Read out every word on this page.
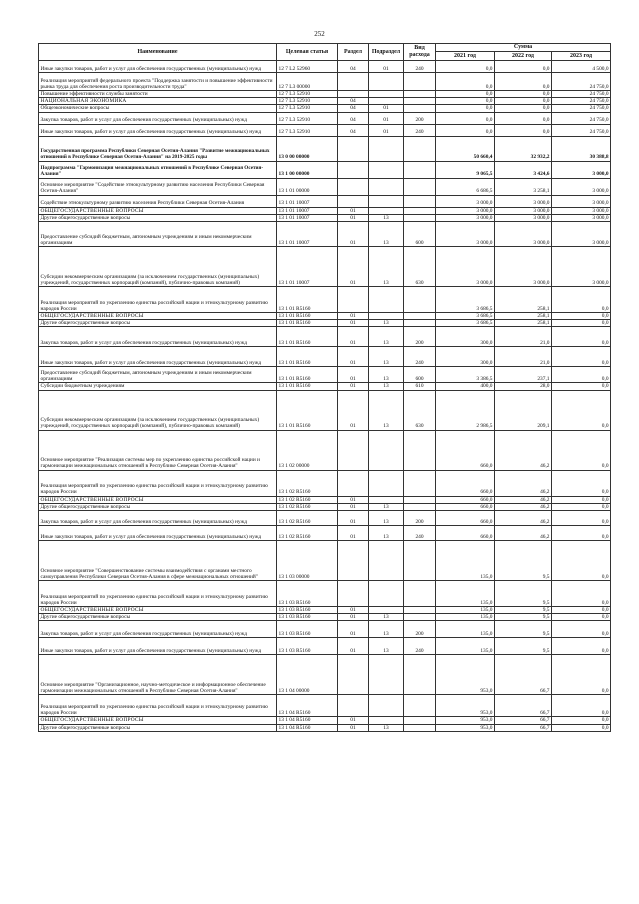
252
Наименование	Целевая статья	Раздел	Подраздел	Вид расхода	Сумма		
					2021 год	2022 год	2023 год
Иные закупки товаров, работ и услуг для обеспечения государственных (муниципальных) нужд	12 7 L2 52960	04	01	240	0,0	0,0	4 500,0
Реализация мероприятий федерального проекта "Поддержка занятости и повышение эффективности рынка труда для обеспечения роста производительности труда"	12 7 L3 00000				0,0	0,0	24 750,0
Повышение эффективности службы занятости	12 7 L3 52910				0,0	0,0	24 750,0
НАЦИОНАЛЬНАЯ ЭКОНОМИКА	12 7 L3 52910	04			0,0	0,0	24 750,0
Общеэкономические вопросы	12 7 L3 52910	04	01		0,0	0,0	24 750,0
Закупка товаров, работ и услуг для обеспечения государственных (муниципальных) нужд	12 7 L3 52910	04	01	200	0,0	0,0	24 750,0
Иные закупки товаров, работ и услуг для обеспечения государственных (муниципальных) нужд	12 7 L3 52910	04	01	240	0,0	0,0	24 750,0
Государственная программа Республики Северная Осетия-Алания "Развитие межнациональных отношений в Республике Северная Осетия-Алания" на 2019-2025 годы	13 0 00 00000				50 660,4	32 932,2	30 388,8
Подпрограмма "Гармонизация межнациональных отношений в Республике Северная Осетия-Алания"	13 1 00 00000				9 065,5	3 424,6	3 000,0
Основное мероприятие "Содействие этнокультурному развитию населения Республики Северная Осетия-Алания"	13 1 01 00000				6 686,5	3 258,1	3 000,0
Содействие этнокультурному развитию населения Республики Северная Осетия-Алания	13 1 01 10007				3 000,0	3 000,0	3 000,0
ОБЩЕГОСУДАРСТВЕННЫЕ ВОПРОСЫ	13 1 01 10007	01			3 000,0	3 000,0	3 000,0
Другие общегосударственные вопросы	13 1 01 10007	01	13		3 000,0	3 000,0	3 000,0
Предоставление субсидий бюджетным, автономным учреждениям и иным некоммерческим организациям	13 1 01 10007	01	13	600	3 000,0	3 000,0	3 000,0
Субсидии некоммерческим организациям (за исключением государственных (муниципальных) учреждений, государственных корпораций (компаний), публично-правовых компаний)	13 1 01 10007	01	13	630	3 000,0	3 000,0	3 000,0
Реализация мероприятий по укреплению единства российской нации и этнокультурному развитию народов России	13 1 01 R5160				3 686,5	258,1	0,0
ОБЩЕГОСУДАРСТВЕННЫЕ ВОПРОСЫ	13 1 01 R5160	01			3 686,5	258,1	0,0
Другие общегосударственные вопросы	13 1 01 R5160	01	13		3 686,5	258,1	0,0
Закупка товаров, работ и услуг для обеспечения государственных (муниципальных) нужд	13 1 01 R5160	01	13	200	300,0	21,0	0,0
Иные закупки товаров, работ и услуг для обеспечения государственных (муниципальных) нужд	13 1 01 R5160	01	13	240	300,0	21,0	0,0
Предоставление субсидий бюджетным, автономным учреждениям и иным некоммерческим организациям	13 1 01 R5160	01	13	600	3 386,5	237,1	0,0
Субсидии бюджетным учреждениям	13 1 01 R5160	01	13	610	400,0	28,0	0,0
Субсидии некоммерческим организациям (за исключением государственных (муниципальных) учреждений, государственных корпораций (компаний), публично-правовых компаний)	13 1 01 R5160	01	13	630	2 986,5	209,1	0,0
Основное мероприятие "Реализация системы мер по укреплению единства российской нации и гармонизации межнациональных отношений в Республике Северная Осетия-Алания"	13 1 02 00000				660,0	46,2	0,0
Реализация мероприятий по укреплению единства российской нации и этнокультурному развитию народов России	13 1 02 R5160				660,0	46,2	0,0
ОБЩЕГОСУДАРСТВЕННЫЕ ВОПРОСЫ	13 1 02 R5160	01			660,0	46,2	0,0
Другие общегосударственные вопросы	13 1 02 R5160	01	13		660,0	46,2	0,0
Закупка товаров, работ и услуг для обеспечения государственных (муниципальных) нужд	13 1 02 R5160	01	13	200	660,0	46,2	0,0
Иные закупки товаров, работ и услуг для обеспечения государственных (муниципальных) нужд	13 1 02 R5160	01	13	240	660,0	46,2	0,0
Основное мероприятие "Совершенствование системы взаимодействия с органами местного самоуправления Республики Северная Осетия-Алания в сфере межнациональных отношений"	13 1 03 00000				135,0	9,5	0,0
Реализация мероприятий по укреплению единства российской нации и этнокультурному развитию народов России	13 1 03 R5160				135,0	9,5	0,0
ОБЩЕГОСУДАРСТВЕННЫЕ ВОПРОСЫ	13 1 03 R5160	01			135,0	9,5	0,0
Другие общегосударственные вопросы	13 1 03 R5160	01	13		135,0	9,5	0,0
Закупка товаров, работ и услуг для обеспечения государственных (муниципальных) нужд	13 1 03 R5160	01	13	200	135,0	9,5	0,0
Иные закупки товаров, работ и услуг для обеспечения государственных (муниципальных) нужд	13 1 03 R5160	01	13	240	135,0	9,5	0,0
Основное мероприятие "Организационное, научно-методическое и информационное обеспечение гармонизации межнациональных отношений в Республике Северная Осетия-Алания"	13 1 04 00000				953,0	66,7	0,0
Реализация мероприятий по укреплению единства российской нации и этнокультурному развитию народов России	13 1 04 R5160				953,0	66,7	0,0
ОБЩЕГОСУДАРСТВЕННЫЕ ВОПРОСЫ	13 1 04 R5160	01			953,0	66,7	0,0
Другие общегосударственные вопросы	13 1 04 R5160	01	13		953,0	66,7	0,0
